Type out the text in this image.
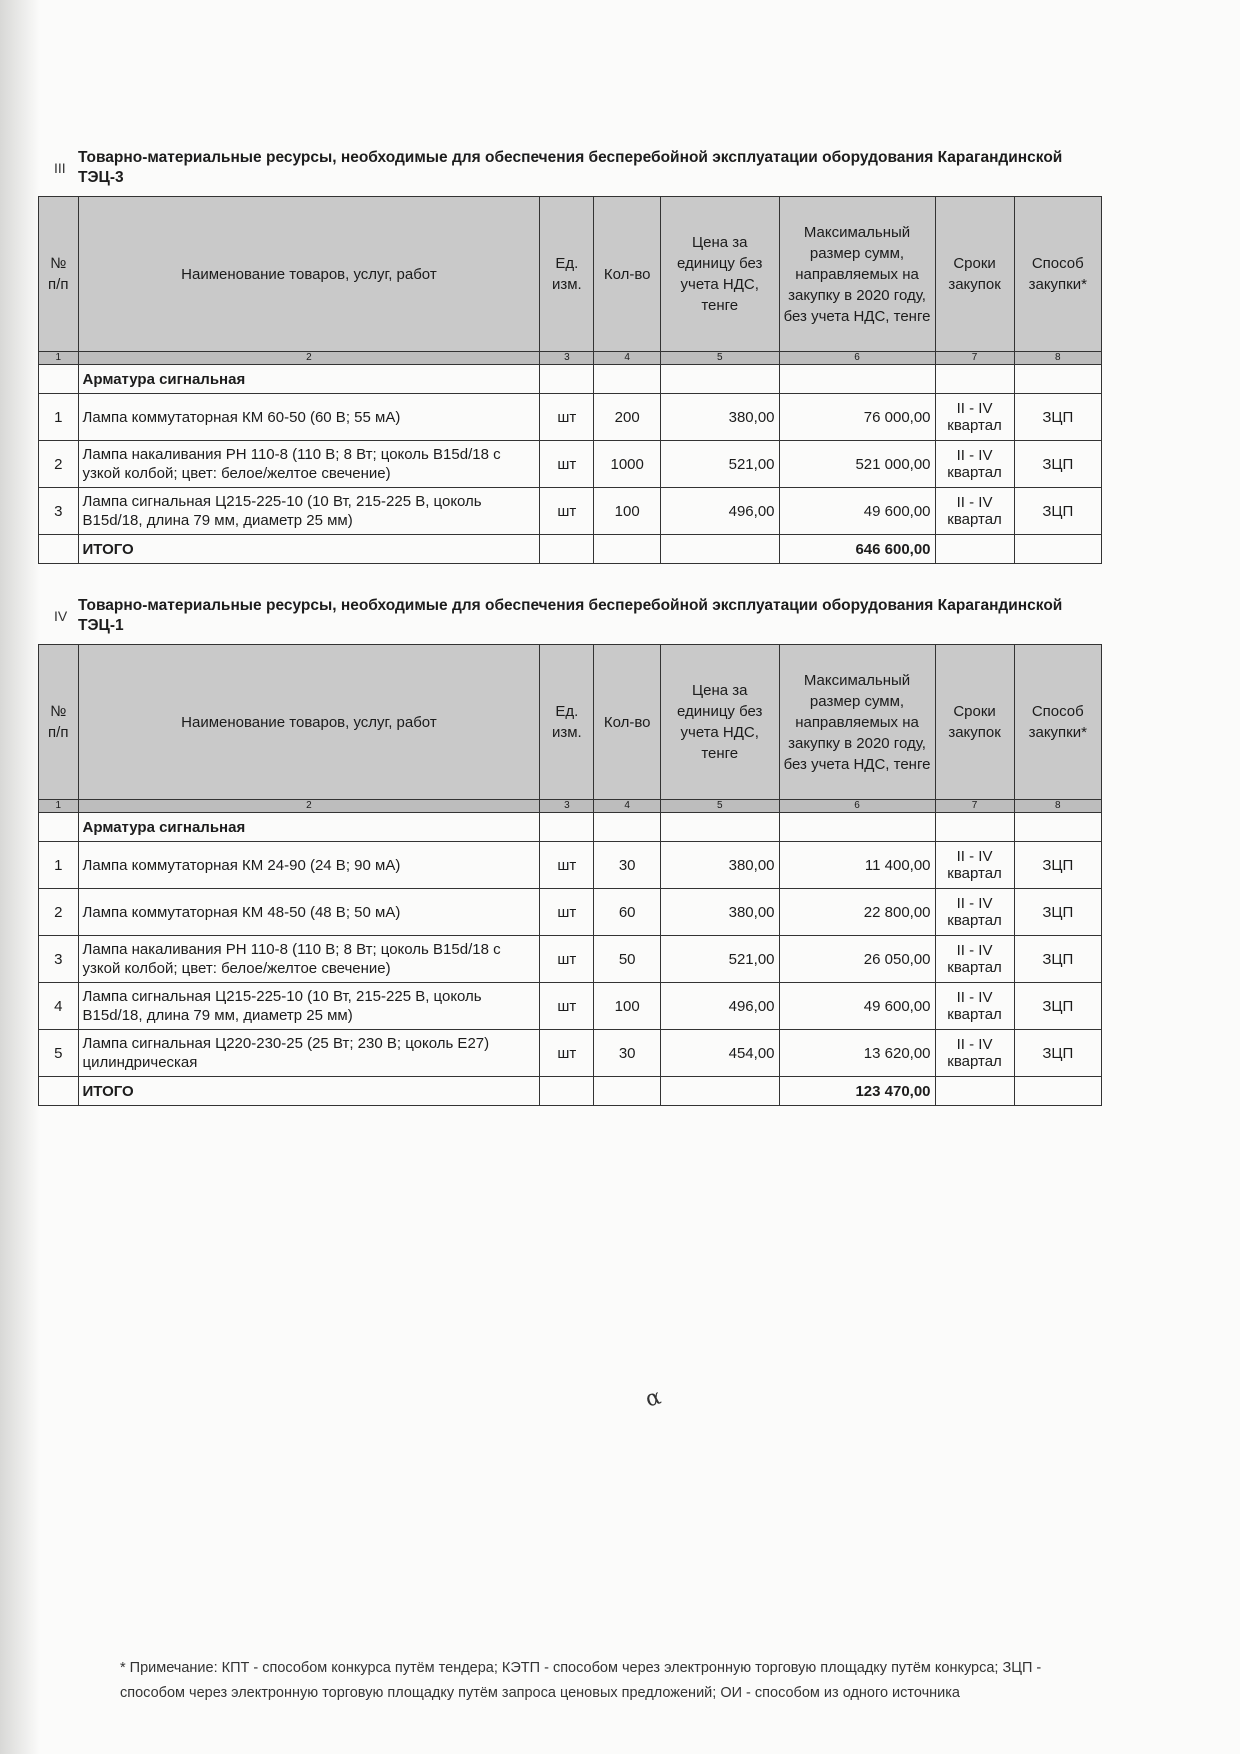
III
Товарно-материальные ресурсы, необходимые для обеспечения бесперебойной эксплуатации оборудования Карагандинской ТЭЦ-3
№ п/п	Наименование товаров, услуг, работ	Ед. изм.	Кол-во	Цена за единицу без учета НДС, тенге	Максимальный размер сумм, направляемых на закупку в 2020 году, без учета НДС, тенге	Сроки закупок	Способ закупки*
1	2	3	4	5	6	7	8
	Арматура сигнальная						
1	Лампа коммутаторная КМ 60-50 (60 В; 55 мА)	шт	200	380,00	76 000,00	II - IV квартал	ЗЦП
2	Лампа накаливания РН 110-8 (110 В; 8 Вт; цоколь B15d/18 с узкой колбой; цвет: белое/желтое свечение)	шт	1000	521,00	521 000,00	II - IV квартал	ЗЦП
3	Лампа сигнальная Ц215-225-10 (10 Вт, 215-225 В, цоколь B15d/18, длина 79 мм, диаметр 25 мм)	шт	100	496,00	49 600,00	II - IV квартал	ЗЦП
	ИТОГО				646 600,00		
IV
Товарно-материальные ресурсы, необходимые для обеспечения бесперебойной эксплуатации оборудования Карагандинской ТЭЦ-1
№ п/п	Наименование товаров, услуг, работ	Ед. изм.	Кол-во	Цена за единицу без учета НДС, тенге	Максимальный размер сумм, направляемых на закупку в 2020 году, без учета НДС, тенге	Сроки закупок	Способ закупки*
1	2	3	4	5	6	7	8
	Арматура сигнальная						
1	Лампа коммутаторная КМ 24-90 (24 В; 90 мА)	шт	30	380,00	11 400,00	II - IV квартал	ЗЦП
2	Лампа коммутаторная КМ 48-50 (48 В; 50 мА)	шт	60	380,00	22 800,00	II - IV квартал	ЗЦП
3	Лампа накаливания РН 110-8 (110 В; 8 Вт; цоколь B15d/18 с узкой колбой; цвет: белое/желтое свечение)	шт	50	521,00	26 050,00	II - IV квартал	ЗЦП
4	Лампа сигнальная Ц215-225-10 (10 Вт, 215-225 В, цоколь B15d/18, длина 79 мм, диаметр 25 мм)	шт	100	496,00	49 600,00	II - IV квартал	ЗЦП
5	Лампа сигнальная Ц220-230-25 (25 Вт; 230 В; цоколь E27) цилиндрическая	шт	30	454,00	13 620,00	II - IV квартал	ЗЦП
	ИТОГО				123 470,00		
α
* Примечание: КПТ - способом конкурса путём тендера; КЭТП - способом через электронную торговую площадку путём конкурса; ЗЦП - способом через электронную торговую площадку путём запроса ценовых предложений; ОИ - способом из одного источника
